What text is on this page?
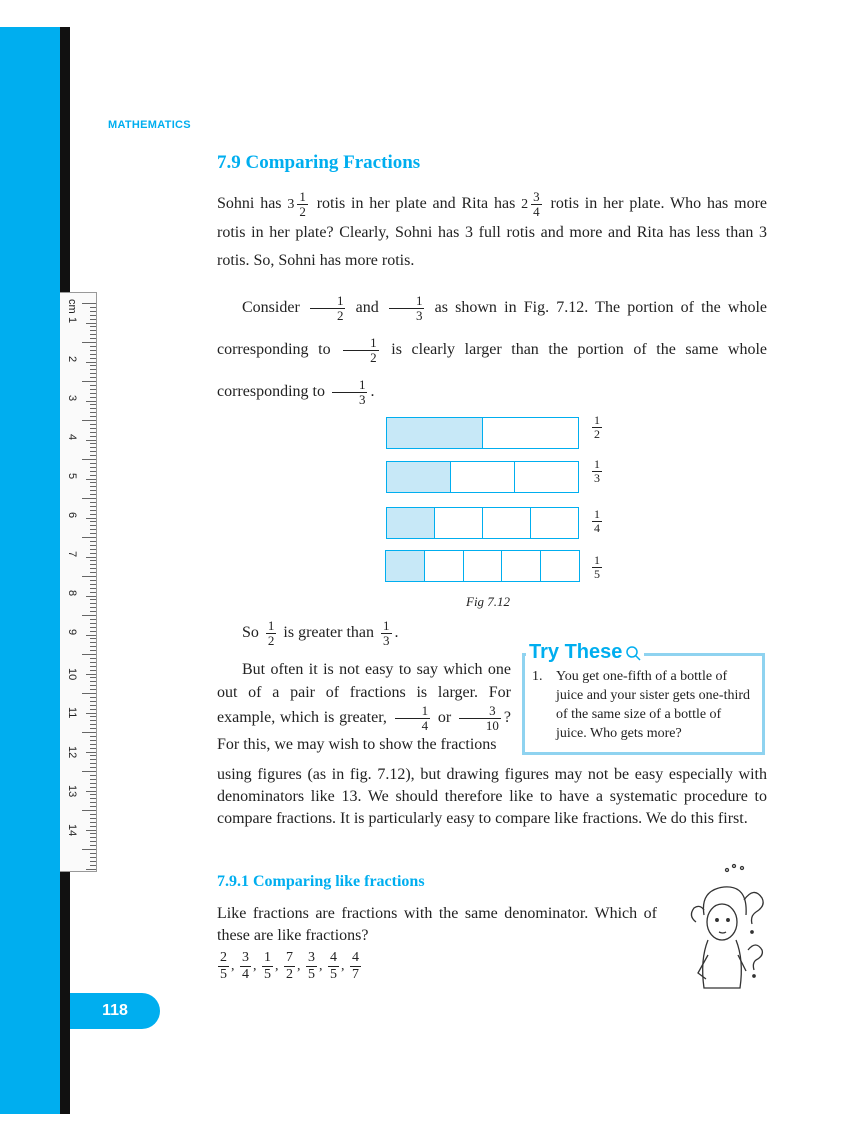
cm
1
2
3
4
5
6
7
8
9
10
11
12
13
14
118
MATHEMATICS
7.9 Comparing Fractions
Sohni has $3 \frac{1}{2}$ rotis in her plate and Rita has $2 \frac{3}{4}$ rotis in her plate. Who has more rotis in her plate? Clearly, Sohni has 3 full rotis and more and Rita has less than 3 rotis. So, Sohni has more rotis.
Consider $\frac{1}{2}$ and $\frac{1}{3}$ as shown in Fig. 7.12. The portion of the whole corresponding to $\frac{1}{2}$ is clearly larger than the portion of the same whole corresponding to $\frac{1}{3}$ .
$\frac{1}{2}$
$\frac{1}{3}$
$\frac{1}{4}$
$\frac{1}{5}$
Fig 7.12
So $\frac{1}{2}$ is greater than $\frac{1}{3}$ .
But often it is not easy to say which one out of a pair of fractions is larger. For example, which is greater, $\frac{1}{4}$ or $\frac{3}{10}$ ? For this, we may wish to show the fractions
using figures (as in fig. 7.12), but drawing figures may not be easy especially with denominators like 13. We should therefore like to have a systematic procedure to compare fractions. It is particularly easy to compare like fractions. We do this first.
Try These
1. You get one-fifth of a bottle of juice and your sister gets one-third of the same size of a bottle of juice. Who gets more?
7.9.1 Comparing like fractions
Like fractions are fractions with the same denominator. Which of these are like fractions?
$\frac{2}{5}$ , $\frac{3}{4}$ , $\frac{1}{5}$ , $\frac{7}{2}$ , $\frac{3}{5}$ , $\frac{4}{5}$ , $\frac{4}{7}$
